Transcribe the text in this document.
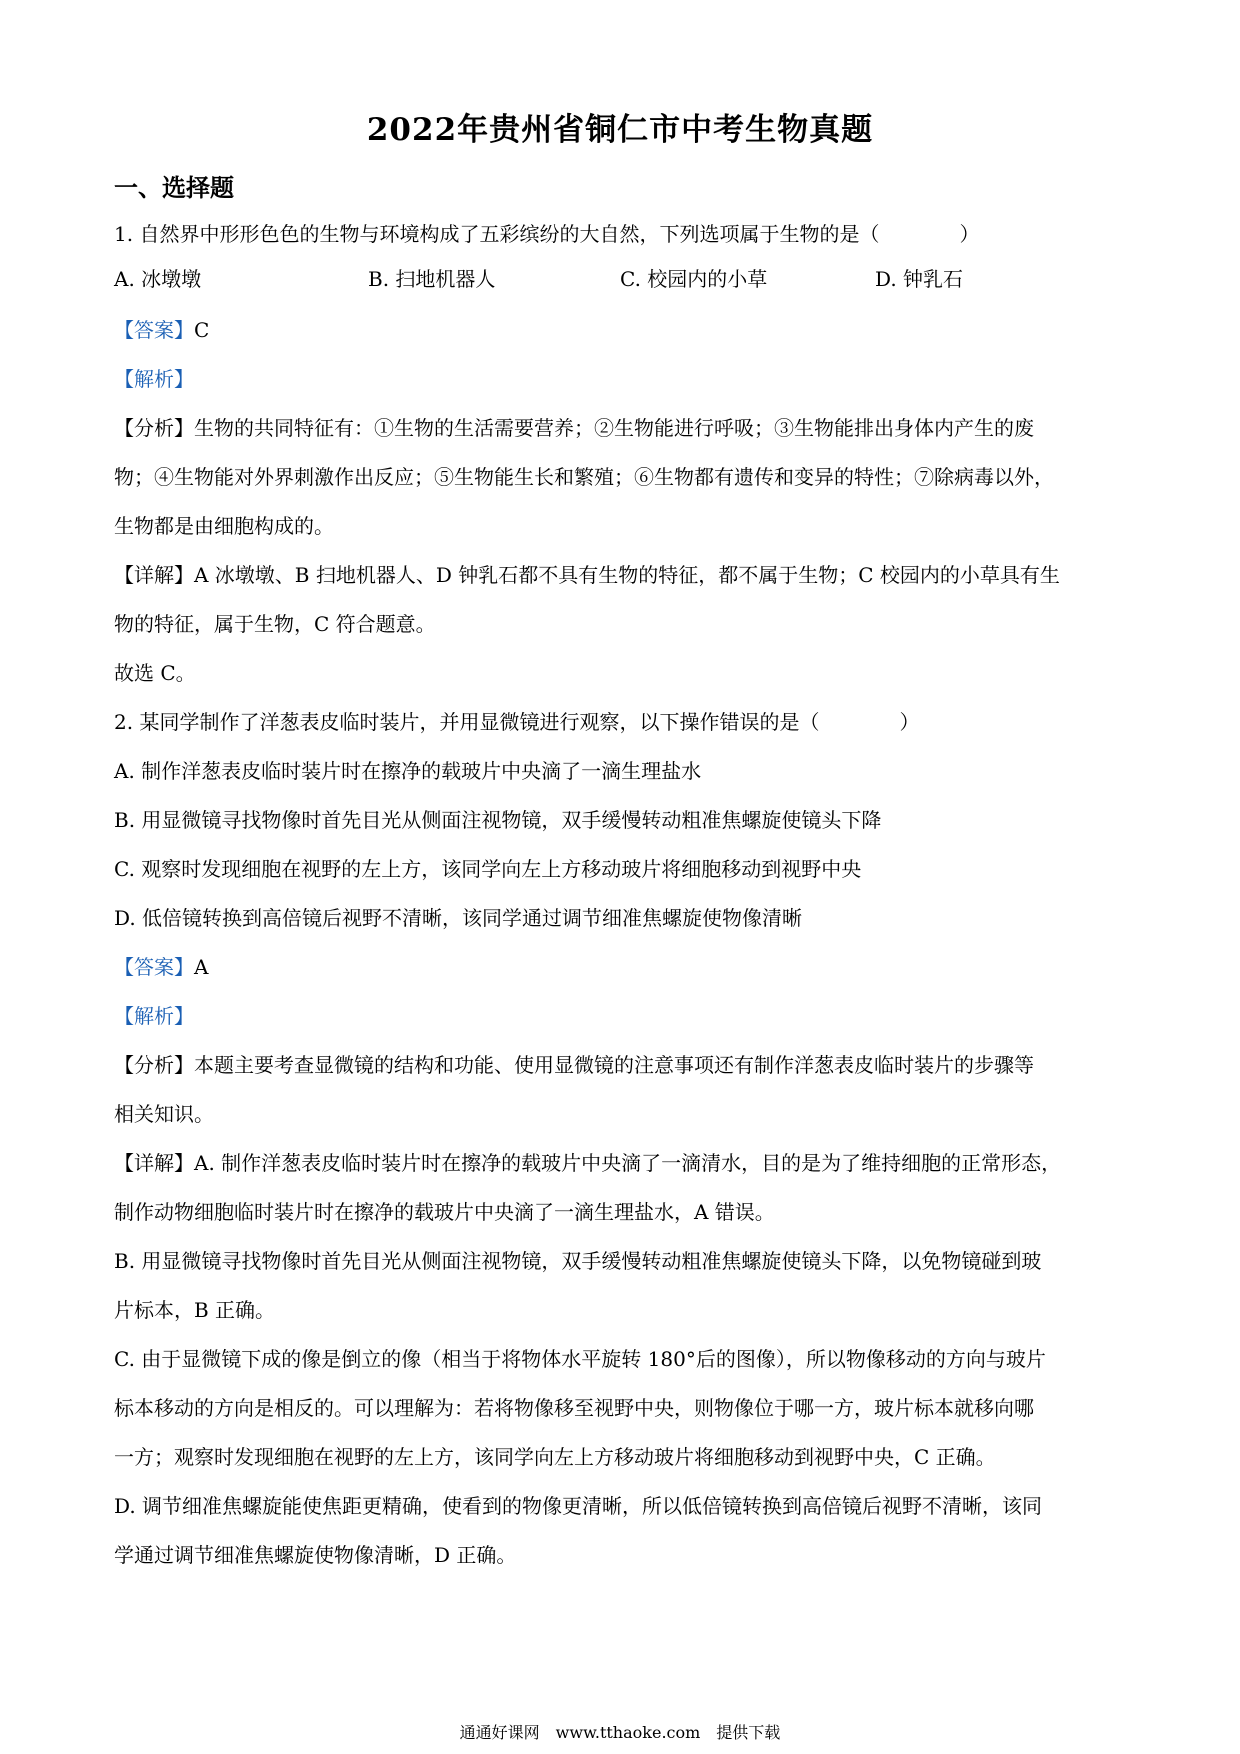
2022年贵州省铜仁市中考生物真题
一、选择题
1. 自然界中形形色色的生物与环境构成了五彩缤纷的大自然，下列选项属于生物的是（　　　　）
A. 冰墩墩	B. 扫地机器人	C. 校园内的小草	D. 钟乳石
【答案】C
【解析】
【分析】生物的共同特征有：①生物的生活需要营养；②生物能进行呼吸；③生物能排出身体内产生的废
物；④生物能对外界刺激作出反应；⑤生物能生长和繁殖；⑥生物都有遗传和变异的特性；⑦除病毒以外，
生物都是由细胞构成的。
【详解】A 冰墩墩、B 扫地机器人、D 钟乳石都不具有生物的特征，都不属于生物；C 校园内的小草具有生
物的特征，属于生物，C 符合题意。
故选 C。
2. 某同学制作了洋葱表皮临时装片，并用显微镜进行观察，以下操作错误的是（　　　　）
A. 制作洋葱表皮临时装片时在擦净的载玻片中央滴了一滴生理盐水
B. 用显微镜寻找物像时首先目光从侧面注视物镜，双手缓慢转动粗准焦螺旋使镜头下降
C. 观察时发现细胞在视野的左上方，该同学向左上方移动玻片将细胞移动到视野中央
D. 低倍镜转换到高倍镜后视野不清晰，该同学通过调节细准焦螺旋使物像清晰
【答案】A
【解析】
【分析】本题主要考查显微镜的结构和功能、使用显微镜的注意事项还有制作洋葱表皮临时装片的步骤等
相关知识。
【详解】A. 制作洋葱表皮临时装片时在擦净的载玻片中央滴了一滴清水，目的是为了维持细胞的正常形态，
制作动物细胞临时装片时在擦净的载玻片中央滴了一滴生理盐水，A 错误。
B. 用显微镜寻找物像时首先目光从侧面注视物镜，双手缓慢转动粗准焦螺旋使镜头下降，以免物镜碰到玻
片标本，B 正确。
C. 由于显微镜下成的像是倒立的像（相当于将物体水平旋转 180°后的图像），所以物像移动的方向与玻片
标本移动的方向是相反的。可以理解为：若将物像移至视野中央，则物像位于哪一方，玻片标本就移向哪
一方；观察时发现细胞在视野的左上方，该同学向左上方移动玻片将细胞移动到视野中央，C 正确。
D. 调节细准焦螺旋能使焦距更精确，使看到的物像更清晰，所以低倍镜转换到高倍镜后视野不清晰，该同
学通过调节细准焦螺旋使物像清晰，D 正确。
通通好课网　www.tthaoke.com　提供下载
